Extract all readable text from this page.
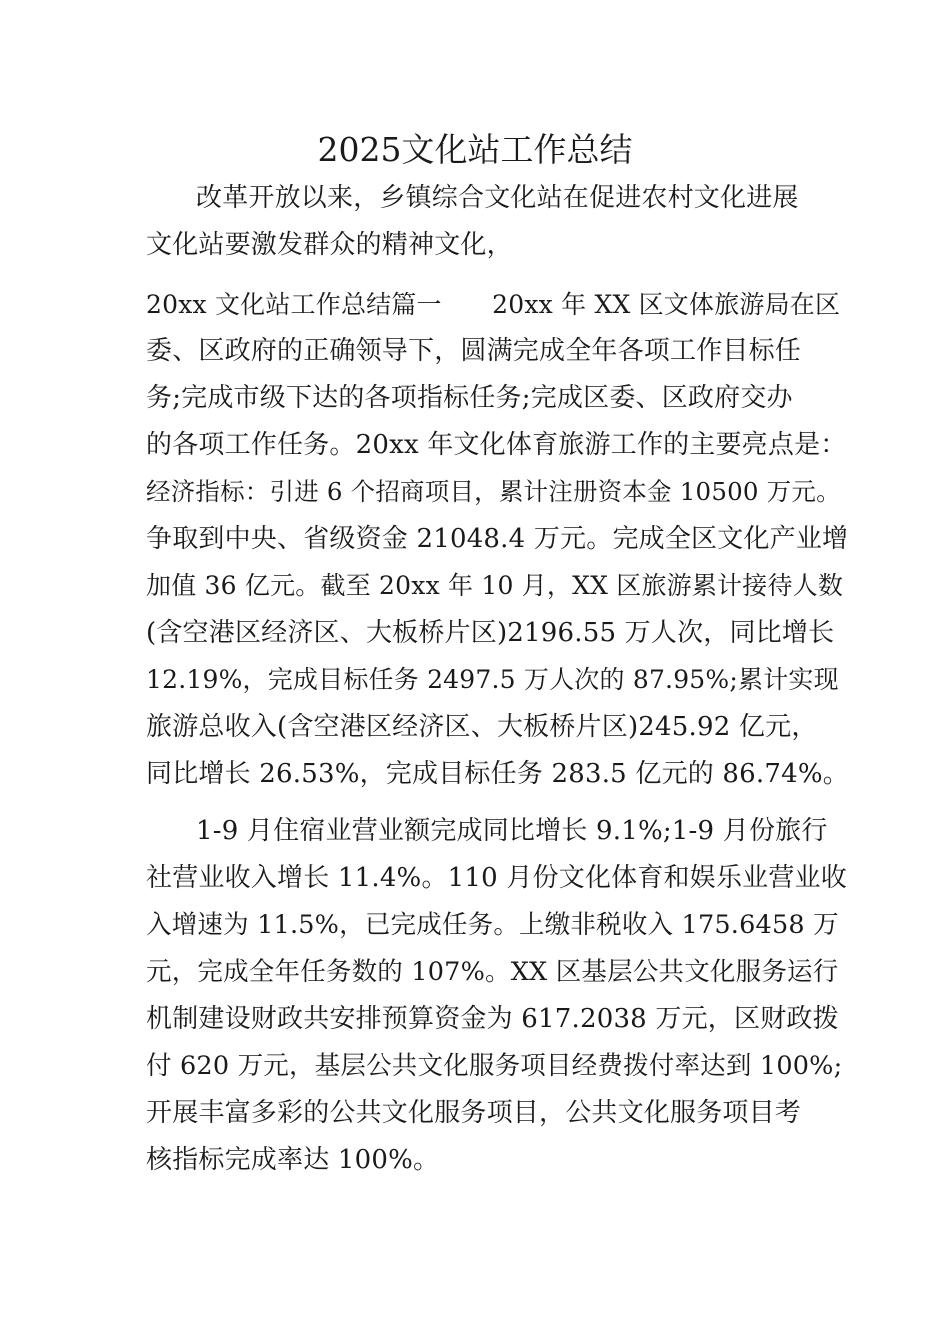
2025文化站工作总结
改革开放以来，乡镇综合文化站在促进农村文化进展
文化站要激发群众的精神文化，
20xx 文化站工作总结篇一　　20xx 年 XX 区文体旅游局在区
委、区政府的正确领导下，圆满完成全年各项工作目标任
务;完成市级下达的各项指标任务;完成区委、区政府交办
的各项工作任务。20xx 年文化体育旅游工作的主要亮点是：
经济指标：引进 6 个招商项目，累计注册资本金 10500 万元。
争取到中央、省级资金 21048.4 万元。完成全区文化产业增
加值 36 亿元。截至 20xx 年 10 月，XX 区旅游累计接待人数
(含空港区经济区、大板桥片区)2196.55 万人次，同比增长
12.19%，完成目标任务 2497.5 万人次的 87.95%;累计实现
旅游总收入(含空港区经济区、大板桥片区)245.92 亿元，
同比增长 26.53%，完成目标任务 283.5 亿元的 86.74%。
1-9 月住宿业营业额完成同比增长 9.1%;1-9 月份旅行
社营业收入增长 11.4%。110 月份文化体育和娱乐业营业收
入增速为 11.5%，已完成任务。上缴非税收入 175.6458 万
元，完成全年任务数的 107%。XX 区基层公共文化服务运行
机制建设财政共安排预算资金为 617.2038 万元，区财政拨
付 620 万元，基层公共文化服务项目经费拨付率达到 100%;
开展丰富多彩的公共文化服务项目，公共文化服务项目考
核指标完成率达 100%。
